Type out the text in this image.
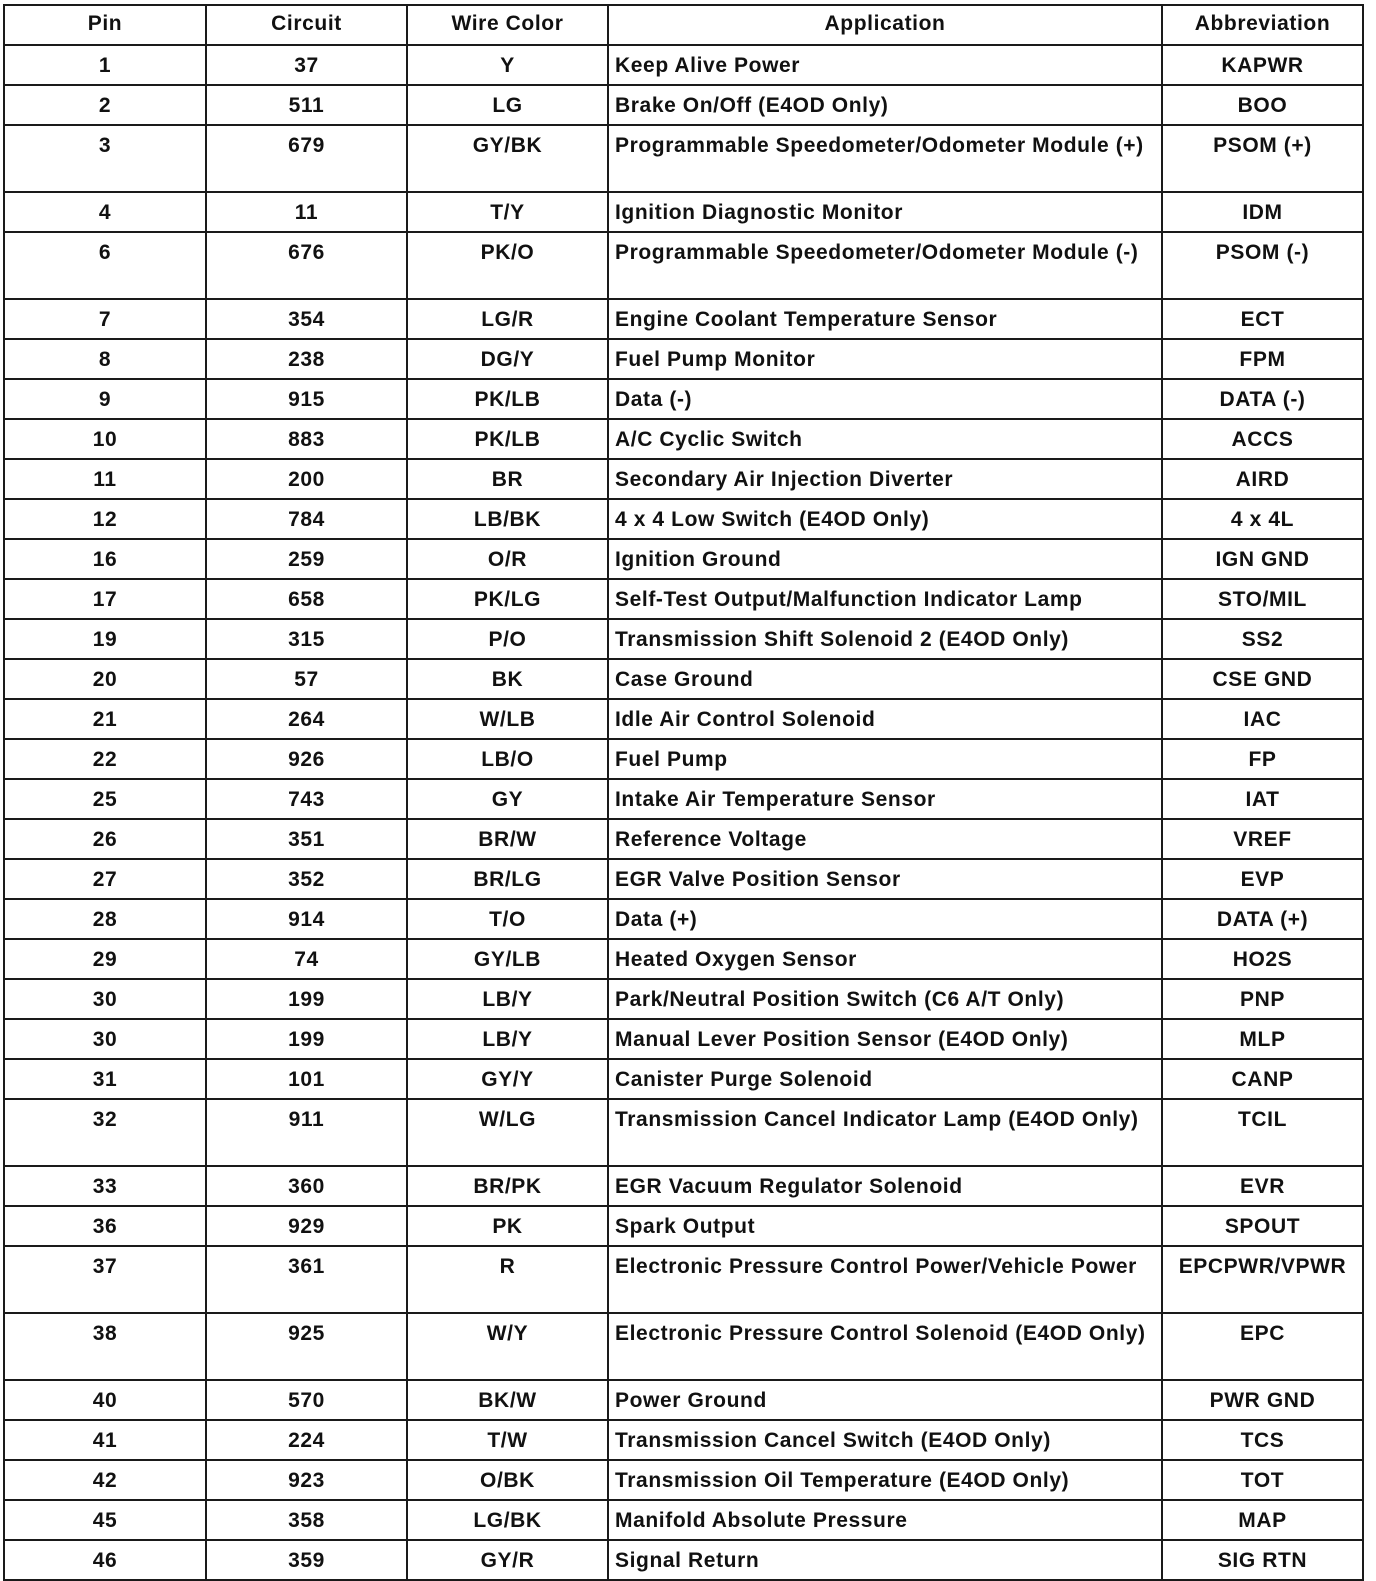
Pin	Circuit	Wire Color	Application	Abbreviation
1	37	Y	Keep Alive Power	KAPWR
2	511	LG	Brake On/Off (E4OD Only)	BOO
3	679	GY/BK	Programmable Speedometer/Odometer Module (+)	PSOM (+)
4	11	T/Y	Ignition Diagnostic Monitor	IDM
6	676	PK/O	Programmable Speedometer/Odometer Module (-)	PSOM (-)
7	354	LG/R	Engine Coolant Temperature Sensor	ECT
8	238	DG/Y	Fuel Pump Monitor	FPM
9	915	PK/LB	Data (-)	DATA (-)
10	883	PK/LB	A/C Cyclic Switch	ACCS
11	200	BR	Secondary Air Injection Diverter	AIRD
12	784	LB/BK	4 x 4 Low Switch (E4OD Only)	4 x 4L
16	259	O/R	Ignition Ground	IGN GND
17	658	PK/LG	Self-Test Output/Malfunction Indicator Lamp	STO/MIL
19	315	P/O	Transmission Shift Solenoid 2 (E4OD Only)	SS2
20	57	BK	Case Ground	CSE GND
21	264	W/LB	Idle Air Control Solenoid	IAC
22	926	LB/O	Fuel Pump	FP
25	743	GY	Intake Air Temperature Sensor	IAT
26	351	BR/W	Reference Voltage	VREF
27	352	BR/LG	EGR Valve Position Sensor	EVP
28	914	T/O	Data (+)	DATA (+)
29	74	GY/LB	Heated Oxygen Sensor	HO2S
30	199	LB/Y	Park/Neutral Position Switch (C6 A/T Only)	PNP
30	199	LB/Y	Manual Lever Position Sensor (E4OD Only)	MLP
31	101	GY/Y	Canister Purge Solenoid	CANP
32	911	W/LG	Transmission Cancel Indicator Lamp (E4OD Only)	TCIL
33	360	BR/PK	EGR Vacuum Regulator Solenoid	EVR
36	929	PK	Spark Output	SPOUT
37	361	R	Electronic Pressure Control Power/Vehicle Power	EPCPWR/VPWR
38	925	W/Y	Electronic Pressure Control Solenoid (E4OD Only)	EPC
40	570	BK/W	Power Ground	PWR GND
41	224	T/W	Transmission Cancel Switch (E4OD Only)	TCS
42	923	O/BK	Transmission Oil Temperature (E4OD Only)	TOT
45	358	LG/BK	Manifold Absolute Pressure	MAP
46	359	GY/R	Signal Return	SIG RTN
